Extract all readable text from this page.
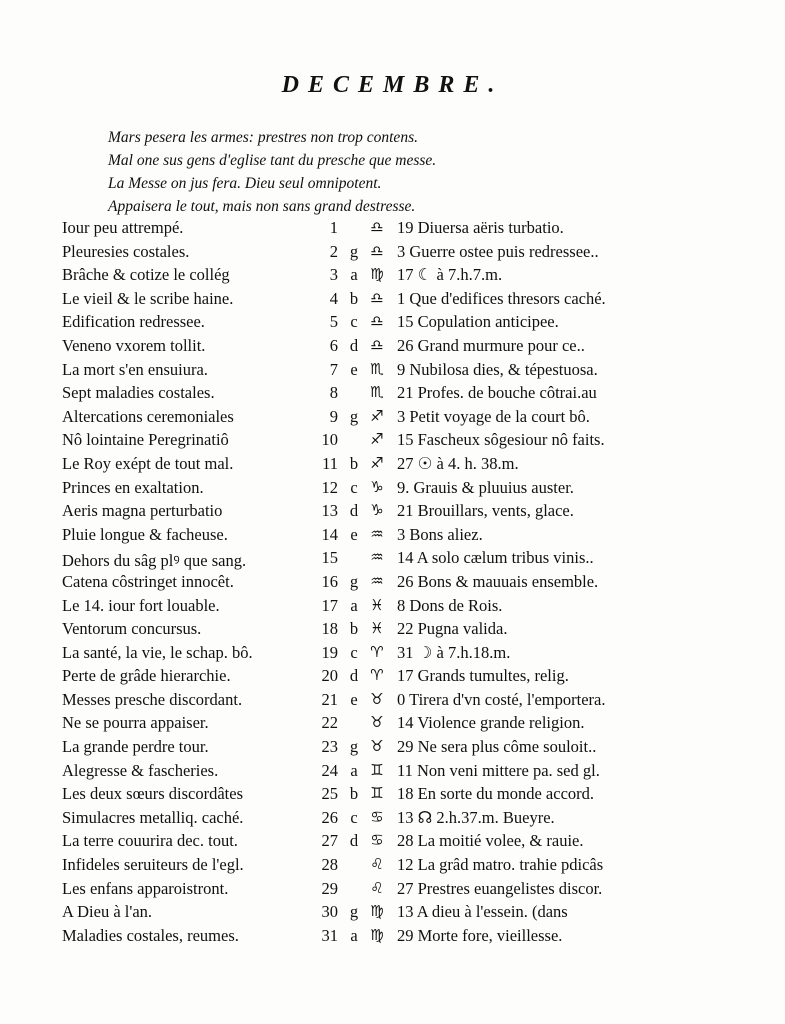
DECEMBRE.
Mars pesera les armes: prestres non trop contens.
Mal one sus gens d'eglise tant du presche que messe.
La Messe on jus fera. Dieu seul omnipotent.
Appaisera le tout, mais non sans grand destresse.
Iour peu attrempé.	1	♎ 19 Diuersa aëris turbatio.
Pleuresies costales.	2 g ♎ 3 Guerre ostee puis redressee..
Brâche & cotize le collég	3 a ♍ 17 ☾ à 7.h.7.m.
Le vieil & le scribe haine.	4 b ♎ 1 Que d'edifices thresors caché.
Edification redressee.	5 c ♎ 15 Copulation anticipee.
Veneno vxorem tollit.	6 d ♎ 26 Grand murmure pour ce..
La mort s'en ensuiura.	7 e ♏ 9 Nubilosa dies, & tépestuosa.
Sept maladies costales.	8	♏ 21 Profes. de bouche côtrai.au
Altercations ceremoniales	9 g ♐ 3 Petit voyage de la court bô.
Nô lointaine Peregrinatiô	10	♐ 15 Fascheux sôgesiour nô faits.
Le Roy exépt de tout mal.	11 b ♐ 27 ☉ à 4. h. 38.m.
Princes en exaltation.	12 c ♑ 9. Grauis & pluuius auster.
Aeris magna perturbatio	13 d ♑ 21 Brouillars, vents, glace.
Pluie longue & facheuse.	14 e ♒ 3 Bons aliez.
Dehors du sâg plꝰ que sang.	15	♒ 14 A solo cælum tribus vinis..
Catena côstringet innocêt.	16 g ♒ 26 Bons & mauuais ensemble.
Le 14. iour fort louable.	17 a ♓ 8 Dons de Rois.
Ventorum concursus.	18 b ♓ 22 Pugna valida.
La santé, la vie, le schap. bô.	19 c ♈ 31 ☽ à 7.h.18.m.
Perte de grâde hierarchie.	20 d ♈ 17 Grands tumultes, relig.
Messes presche discordant.	21 e ♉ 0 Tirera d'vn costé, l'emportera.
Ne se pourra appaiser.	22	♉ 14 Violence grande religion.
La grande perdre tour.	23 g ♉ 29 Ne sera plus côme souloit..
Alegresse & fascheries.	24 a ♊ 11 Non veni mittere pa. sed gl.
Les deux sœurs discordâtes	25 b ♊ 18 En sorte du monde accord.
Simulacres metalliq. caché.	26 c ♋ 13 ☊ 2.h.37.m. Bueyre.
La terre couurira dec. tout.	27 d ♋ 28 La moitié volee, & rauie.
Infideles seruiteurs de l'egl.	28	♌ 12 La grâd matro. trahie pdicâs
Les enfans apparoistront.	29	♌ 27 Prestres euangelistes discor.
A Dieu à l'an.	30 g ♍ 13 A dieu à l'essein. (dans
Maladies costales, reumes.	31 a ♍ 29 Morte fore, vieillesse.
